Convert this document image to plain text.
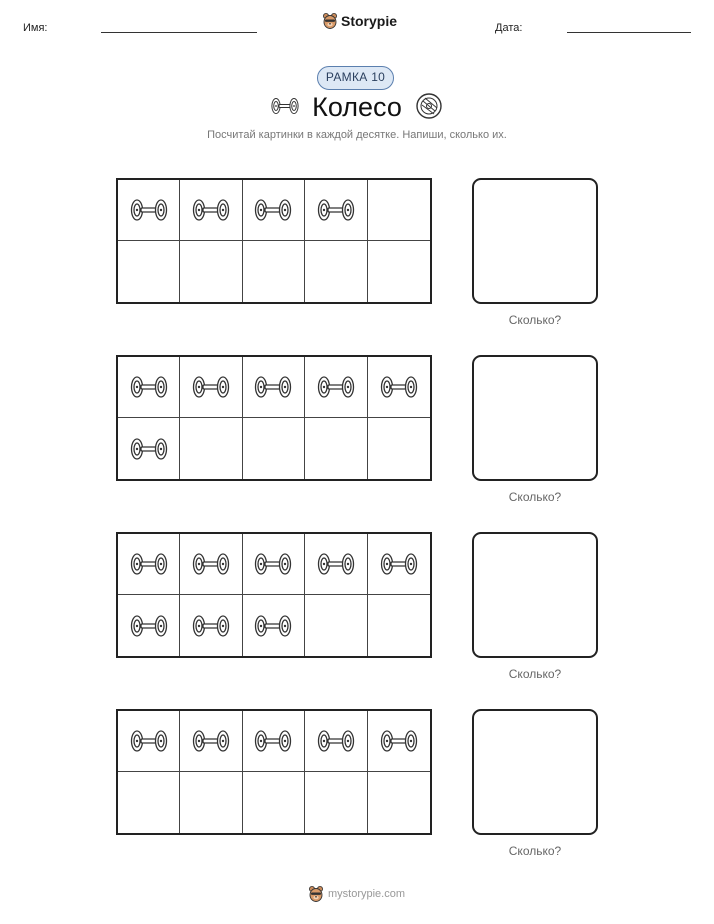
Имя:	Storypie	Дата:
РАМКА 10
Колесо
Посчитай картинки в каждой десятке. Напиши, сколько их.
Сколько?
Сколько?
Сколько?
Сколько?
mystorypie.com
